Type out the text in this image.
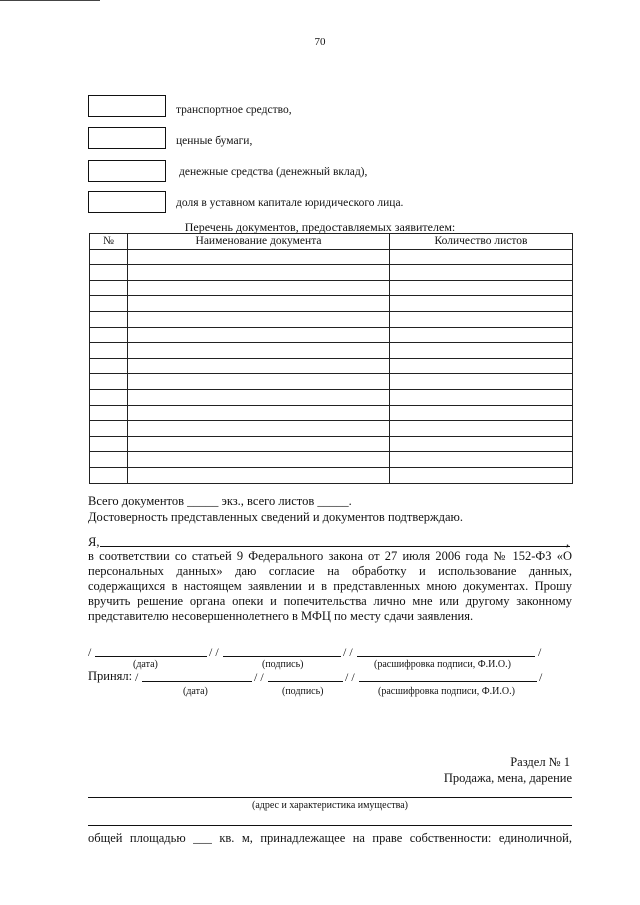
70
транспортное средство,
ценные бумаги,
денежные средства (денежный вклад),
доля в уставном капитале юридического лица.
Перечень документов, предоставляемых заявителем:
№	Наименование документа	Количество листов

Всего документов _____ экз., всего листов _____.
Достоверность представленных сведений и документов подтверждаю.
Я,	,
в соответствии со статьей 9 Федерального закона от 27 июля 2006 года № 152-ФЗ «О персональных данных» даю согласие на обработку и использование данных, содержащихся в настоящем заявлении и в представленных мною документах. Прошу вручить решение органа опеки и попечительства лично мне или другому законному представителю несовершеннолетнего в МФЦ по месту сдачи заявления.
/	/ /	/ /	/
(дата)	(подпись)	(расшифровка подписи, Ф.И.О.)
Принял: /	/ /	/ /	/
(дата)	(подпись)	(расшифровка подписи, Ф.И.О.)
Раздел № 1
Продажа, мена, дарение
(адрес и характеристика имущества)
общей площадью ___ кв. м, принадлежащее на праве собственности: единоличной,
